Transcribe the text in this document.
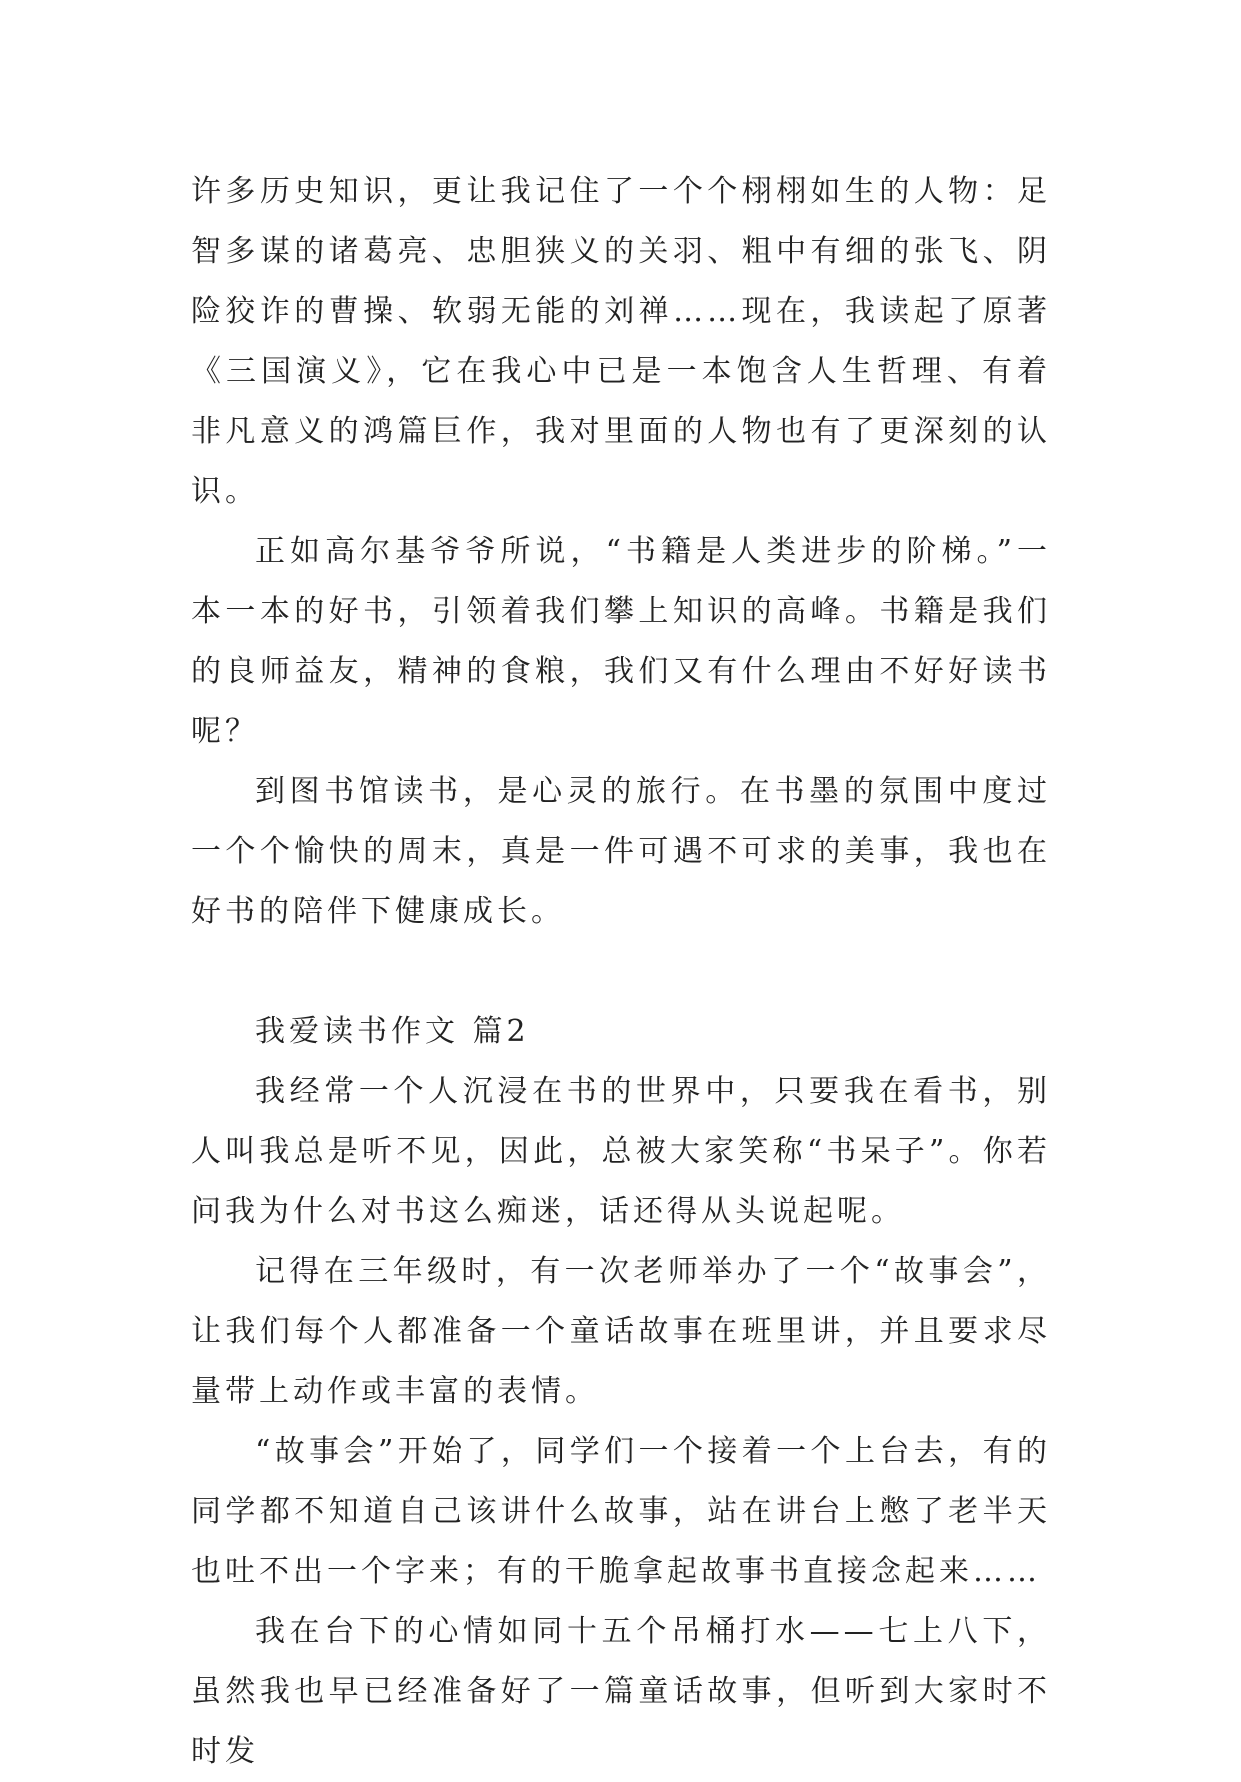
许多历史知识，更让我记住了一个个栩栩如生的人物：足智多谋的诸葛亮、忠胆狭义的关羽、粗中有细的张飞、阴险狡诈的曹操、软弱无能的刘禅……现在，我读起了原著《三国演义》，它在我心中已是一本饱含人生哲理、有着非凡意义的鸿篇巨作，我对里面的人物也有了更深刻的认识。

正如高尔基爷爷所说，“书籍是人类进步的阶梯。”一本一本的好书，引领着我们攀上知识的高峰。书籍是我们的良师益友，精神的食粮，我们又有什么理由不好好读书呢？

到图书馆读书，是心灵的旅行。在书墨的氛围中度过一个个愉快的周末，真是一件可遇不可求的美事，我也在好书的陪伴下健康成长。

我爱读书作文 篇2

我经常一个人沉浸在书的世界中，只要我在看书，别人叫我总是听不见，因此，总被大家笑称“书呆子”。你若问我为什么对书这么痴迷，话还得从头说起呢。

记得在三年级时，有一次老师举办了一个“故事会”，让我们每个人都准备一个童话故事在班里讲，并且要求尽量带上动作或丰富的表情。

“故事会”开始了，同学们一个接着一个上台去，有的同学都不知道自己该讲什么故事，站在讲台上憋了老半天也吐不出一个字来；有的干脆拿起故事书直接念起来……

我在台下的心情如同十五个吊桶打水——七上八下，虽然我也早已经准备好了一篇童话故事，但听到大家时不时发
